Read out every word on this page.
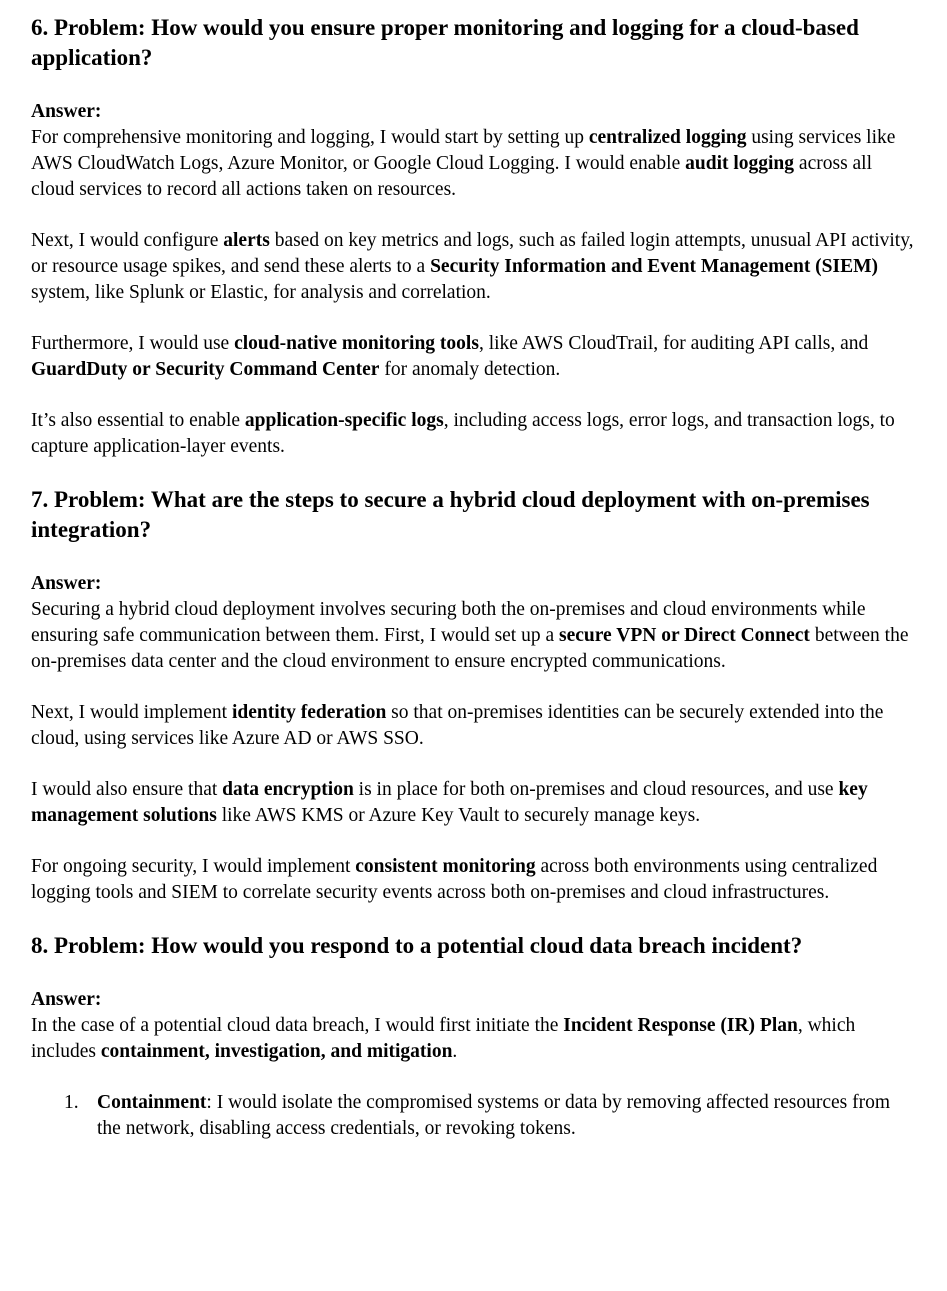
6. Problem: How would you ensure proper monitoring and logging for a cloud-based application?

Answer:

For comprehensive monitoring and logging, I would start by setting up centralized logging using services like AWS CloudWatch Logs, Azure Monitor, or Google Cloud Logging. I would enable audit logging across all cloud services to record all actions taken on resources.

Next, I would configure alerts based on key metrics and logs, such as failed login attempts, unusual API activity, or resource usage spikes, and send these alerts to a Security Information and Event Management (SIEM) system, like Splunk or Elastic, for analysis and correlation.

Furthermore, I would use cloud-native monitoring tools, like AWS CloudTrail, for auditing API calls, and GuardDuty or Security Command Center for anomaly detection.

It’s also essential to enable application-specific logs, including access logs, error logs, and transaction logs, to capture application-layer events.

7. Problem: What are the steps to secure a hybrid cloud deployment with on-premises integration?

Answer:

Securing a hybrid cloud deployment involves securing both the on-premises and cloud environments while ensuring safe communication between them. First, I would set up a secure VPN or Direct Connect between the on-premises data center and the cloud environment to ensure encrypted communications.

Next, I would implement identity federation so that on-premises identities can be securely extended into the cloud, using services like Azure AD or AWS SSO.

I would also ensure that data encryption is in place for both on-premises and cloud resources, and use key management solutions like AWS KMS or Azure Key Vault to securely manage keys.

For ongoing security, I would implement consistent monitoring across both environments using centralized logging tools and SIEM to correlate security events across both on-premises and cloud infrastructures.

8. Problem: How would you respond to a potential cloud data breach incident?

Answer:

In the case of a potential cloud data breach, I would first initiate the Incident Response (IR) Plan, which includes containment, investigation, and mitigation.

1. Containment: I would isolate the compromised systems or data by removing affected resources from the network, disabling access credentials, or revoking tokens.
